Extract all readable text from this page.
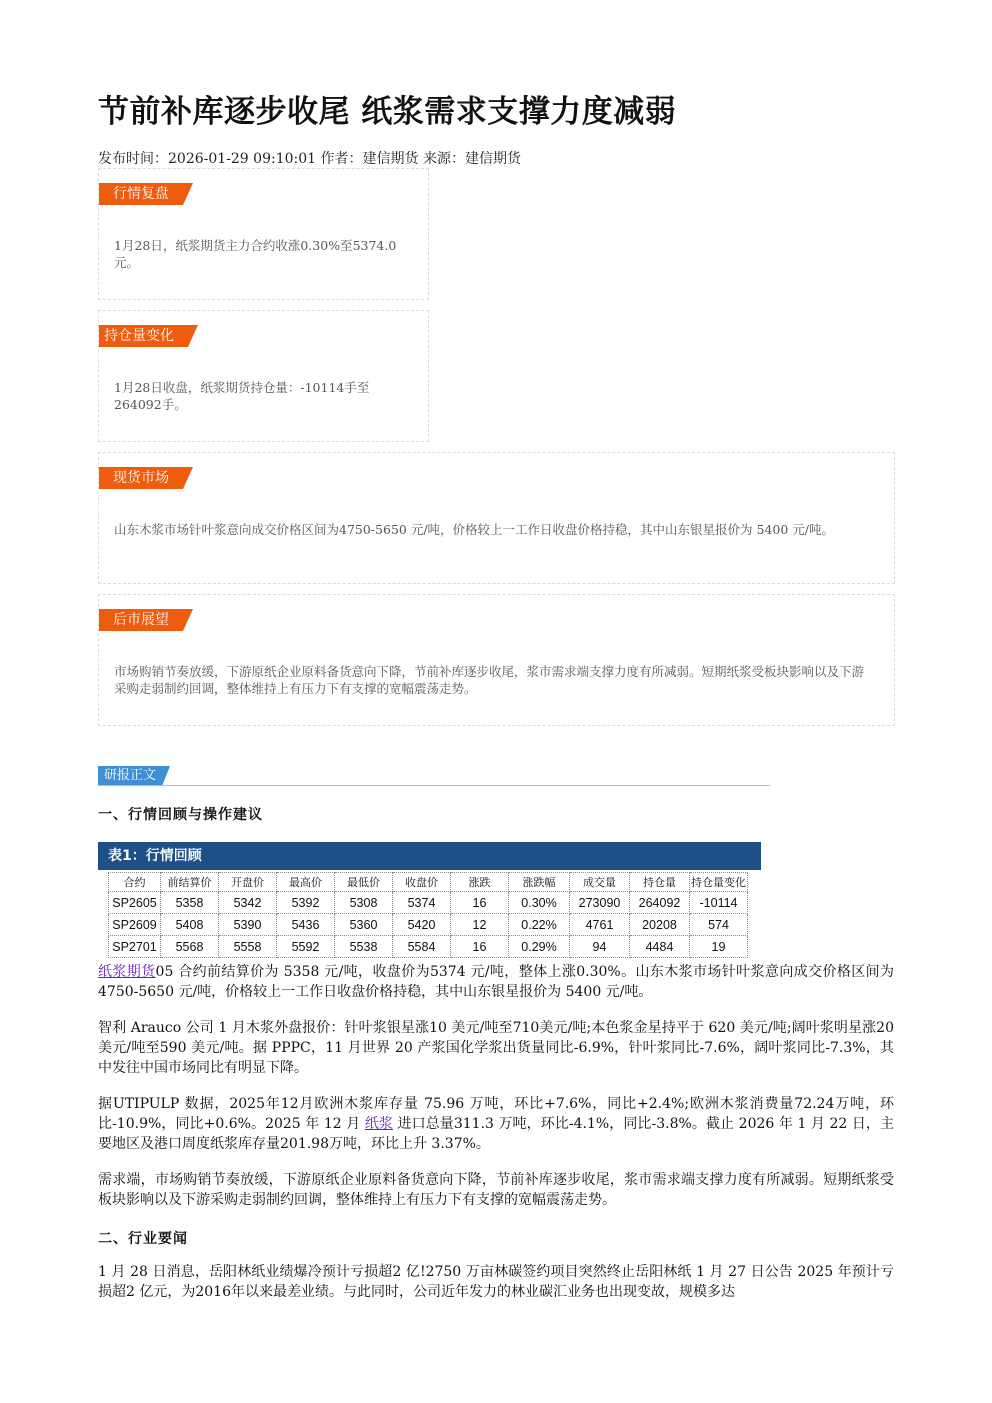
节前补库逐步收尾 纸浆需求支撑力度减弱
发布时间：2026-01-29 09:10:01 作者：建信期货 来源：建信期货
行情复盘
1月28日，纸浆期货主力合约收涨0.30%至5374.0元。
持仓量变化
1月28日收盘，纸浆期货持仓量：-10114手至264092手。
现货市场
山东木浆市场针叶浆意向成交价格区间为4750-5650 元/吨，价格较上一工作日收盘价格持稳，其中山东银星报价为 5400 元/吨。
后市展望
市场购销节奏放缓，下游原纸企业原料备货意向下降，节前补库逐步收尾，浆市需求端支撑力度有所减弱。短期纸浆受板块影响以及下游采购走弱制约回调，整体维持上有压力下有支撑的宽幅震荡走势。
研报正文
一、行情回顾与操作建议
表1：行情回顾
合约	前结算价	开盘价	最高价	最低价	收盘价	涨跌	涨跌幅	成交量	持仓量	持仓量变化
SP2605	5358	5342	5392	5308	5374	16	0.30%	273090	264092	-10114
SP2609	5408	5390	5436	5360	5420	12	0.22%	4761	20208	574
SP2701	5568	5558	5592	5538	5584	16	0.29%	94	4484	19
纸浆期货05 合约前结算价为 5358 元/吨，收盘价为5374 元/吨，整体上涨0.30%。山东木浆市场针叶浆意向成交价格区间为4750-5650 元/吨，价格较上一工作日收盘价格持稳，其中山东银星报价为 5400 元/吨。
智利 Arauco 公司 1 月木浆外盘报价：针叶浆银星涨10 美元/吨至710美元/吨;本色浆金星持平于 620 美元/吨;阔叶浆明星涨20 美元/吨至590 美元/吨。据 PPPC，11 月世界 20 产浆国化学浆出货量同比-6.9%，针叶浆同比-7.6%，阔叶浆同比-7.3%，其中发往中国市场同比有明显下降。
据UTIPULP 数据，2025年12月欧洲木浆库存量 75.96 万吨，环比+7.6%，同比+2.4%;欧洲木浆消费量72.24万吨，环比-10.9%，同比+0.6%。2025 年 12 月 纸浆 进口总量311.3 万吨，环比-4.1%，同比-3.8%。截止 2026 年 1 月 22 日，主要地区及港口周度纸浆库存量201.98万吨，环比上升 3.37%。
需求端，市场购销节奏放缓，下游原纸企业原料备货意向下降，节前补库逐步收尾，浆市需求端支撑力度有所减弱。短期纸浆受板块影响以及下游采购走弱制约回调，整体维持上有压力下有支撑的宽幅震荡走势。
二、行业要闻
1 月 28 日消息，岳阳林纸业绩爆冷预计亏损超2 亿!2750 万亩林碳签约项目突然终止岳阳林纸 1 月 27 日公告 2025 年预计亏损超2 亿元，为2016年以来最差业绩。与此同时，公司近年发力的林业碳汇业务也出现变故，规模多达
